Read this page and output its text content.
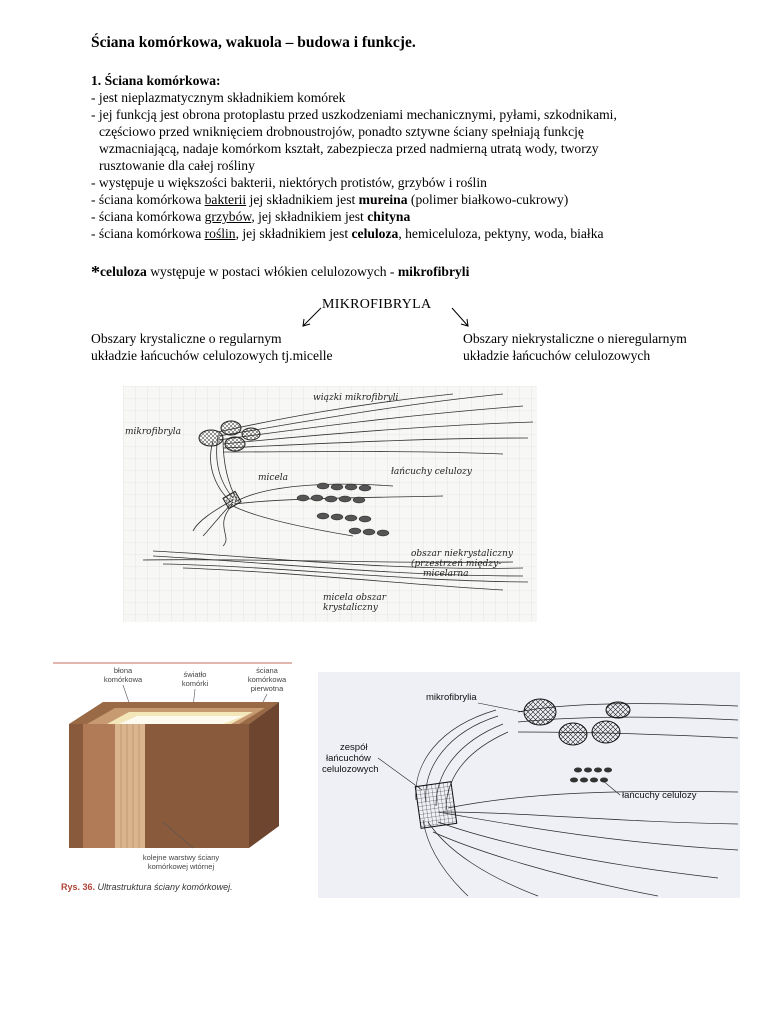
Ściana komórkowa, wakuola – budowa i funkcje.
1. Ściana komórkowa:
- jest nieplazmatycznym składnikiem komórek
- jej funkcją jest obrona protoplastu przed uszkodzeniami mechanicznymi, pyłami, szkodnikami,
częściowo przed wniknięciem drobnoustrojów, ponadto sztywne ściany spełniają funkcję
wzmacniającą, nadaje komórkom kształt, zabezpiecza przed nadmierną utratą wody, tworzy
rusztowanie dla całej rośliny
- występuje u większości bakterii, niektórych protistów, grzybów i roślin
- ściana komórkowa bakterii jej składnikiem jest mureina (polimer białkowo-cukrowy)
- ściana komórkowa grzybów, jej składnikiem jest chityna
- ściana komórkowa roślin, jej składnikiem jest celuloza, hemiceluloza, pektyny, woda, białka
*celuloza występuje w postaci włókien celulozowych - mikrofibryli
MIKROFIBRYLA
Obszary krystaliczne o regularnym
układzie łańcuchów celulozowych tj.micelle
Obszary niekrystaliczne o nieregularnym
układzie łańcuchów celulozowych
wiązki mikrofibryli
mikrofibryla
micela
łańcuchy celulozy
obszar niekrystaliczny
(przestrzeń między-
micelarna
micela obszar
krystaliczny
błona
komórkowa
światło
komórki
ściana
komórkowa
pierwotna
kolejne warstwy ściany
komórkowej wtórnej
Rys. 36. Ultrastruktura ściany komórkowej.
mikrofibrylia
zespół
łańcuchów
celulozowych
łańcuchy celulozy
